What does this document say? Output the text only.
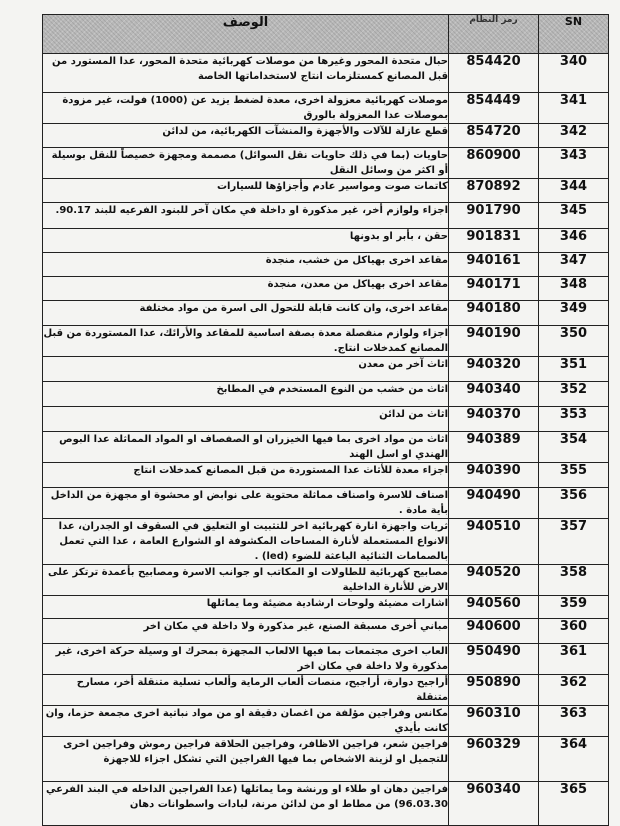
الوصف	رمز النظام	SN
حبال متحدة المحور وغيرها من موصلات كهربائية متحدة المحور، عدا المستورد من قبل المصانع كمستلزمات انتاج لاستخداماتها الخاصة	854420	340
موصلات كهربائية معزولة اخرى، معدة لضغط يزيد عن (1000) فولت، غير مزودة بموصلات عدا المعزولة بالورق	854449	341
قطع عازلة للآلات والأجهزة والمنشآت الكهربائية، من لدائن	854720	342
حاويات (بما في ذلك حاويات نقل السوائل) مصممة ومجهزة خصيصاً للنقل بوسيلة أو اكثر من وسائل النقل	860900	343
كاتمات صوت ومواسير عادم وأجزاؤها للسيارات	870892	344
اجزاء ولوازم أخر، غير مذكورة او داخلة في مكان آخر للبنود الفرعيه للبند 90.17.	901790	345
حقن ، بأبر او بدونها	901831	346
مقاعد اخرى بهياكل من خشب، منجدة	940161	347
مقاعد اخرى بهياكل من معدن، منجدة	940171	348
مقاعد اخرى، وان كانت قابلة للتحول الى اسرة من مواد مختلفة	940180	349
اجزاء ولوازم منفصلة معدة بصفة اساسية للمقاعد والأرائك، عدا المستوردة من قبل المصانع كمدخلات انتاج.	940190	350
اثاث آخر من معدن	940320	351
اثاث من خشب من النوع المستخدم في المطابخ	940340	352
اثاث من لدائن	940370	353
اثاث من مواد اخرى بما فيها الخيزران او الصفصاف او المواد المماثلة عدا البوص الهندي او اسل الهند	940389	354
اجزاء معدة للأثاث عدا المستوردة من قبل المصانع كمدخلات انتاج	940390	355
اصناف للاسرة واصناف مماثلة محتوية على نوابض او محشوة او مجهزة من الداخل بأية مادة .	940490	356
ثريات واجهزة انارة كهربائية اخر للتثبيت او التعليق في السقوف او الجدران، عدا الانواع المستعملة لأنارة المساحات المكشوفة او الشوارع العامة ، عدا التي تعمل بالصمامات الثنائية الباعثة للضوء (led) .	940510	357
مصابيح كهربائية للطاولات او المكاتب او جوانب الاسرة ومصابيح بأعمدة ترتكز على الارض للأنارة الداخلية	940520	358
اشارات مضيئة ولوحات ارشادية مضيئة وما يماثلها	940560	359
مباني أخرى مسبقة الصنع، غير مذكورة ولا داخلة في مكان اخر	940600	360
العاب اخرى مجتمعات بما فيها الالعاب المجهزة بمحرك او وسيلة حركة اخرى، غير مذكورة ولا داخلة في مكان اخر	950490	361
أراجيح دوارة، أراجيح، منصات ألعاب الرماية وألعاب تسلية متنقلة أخر، مسارح متنقلة	950890	362
مكانس وفراجين مؤلفة من اغصان دقيقة او من مواد نباتية اخرى مجمعة حزما، وان كانت بأيدي	960310	363
فراجين شعر، فراجين الاظافر، وفراجين الحلاقة فراجين رموش وفراجين اخرى للتجميل او لزينة الاشخاص بما فيها الفراجين التي تشكل اجزاء للاجهزة	960329	364
فراجين دهان او طلاء او ورنشة وما يماثلها (عدا الفراجين الداخله في البند الفرعي 96.03.30) من مطاط او من لدائن مرنة، لبادات واسطوانات دهان	960340	365
